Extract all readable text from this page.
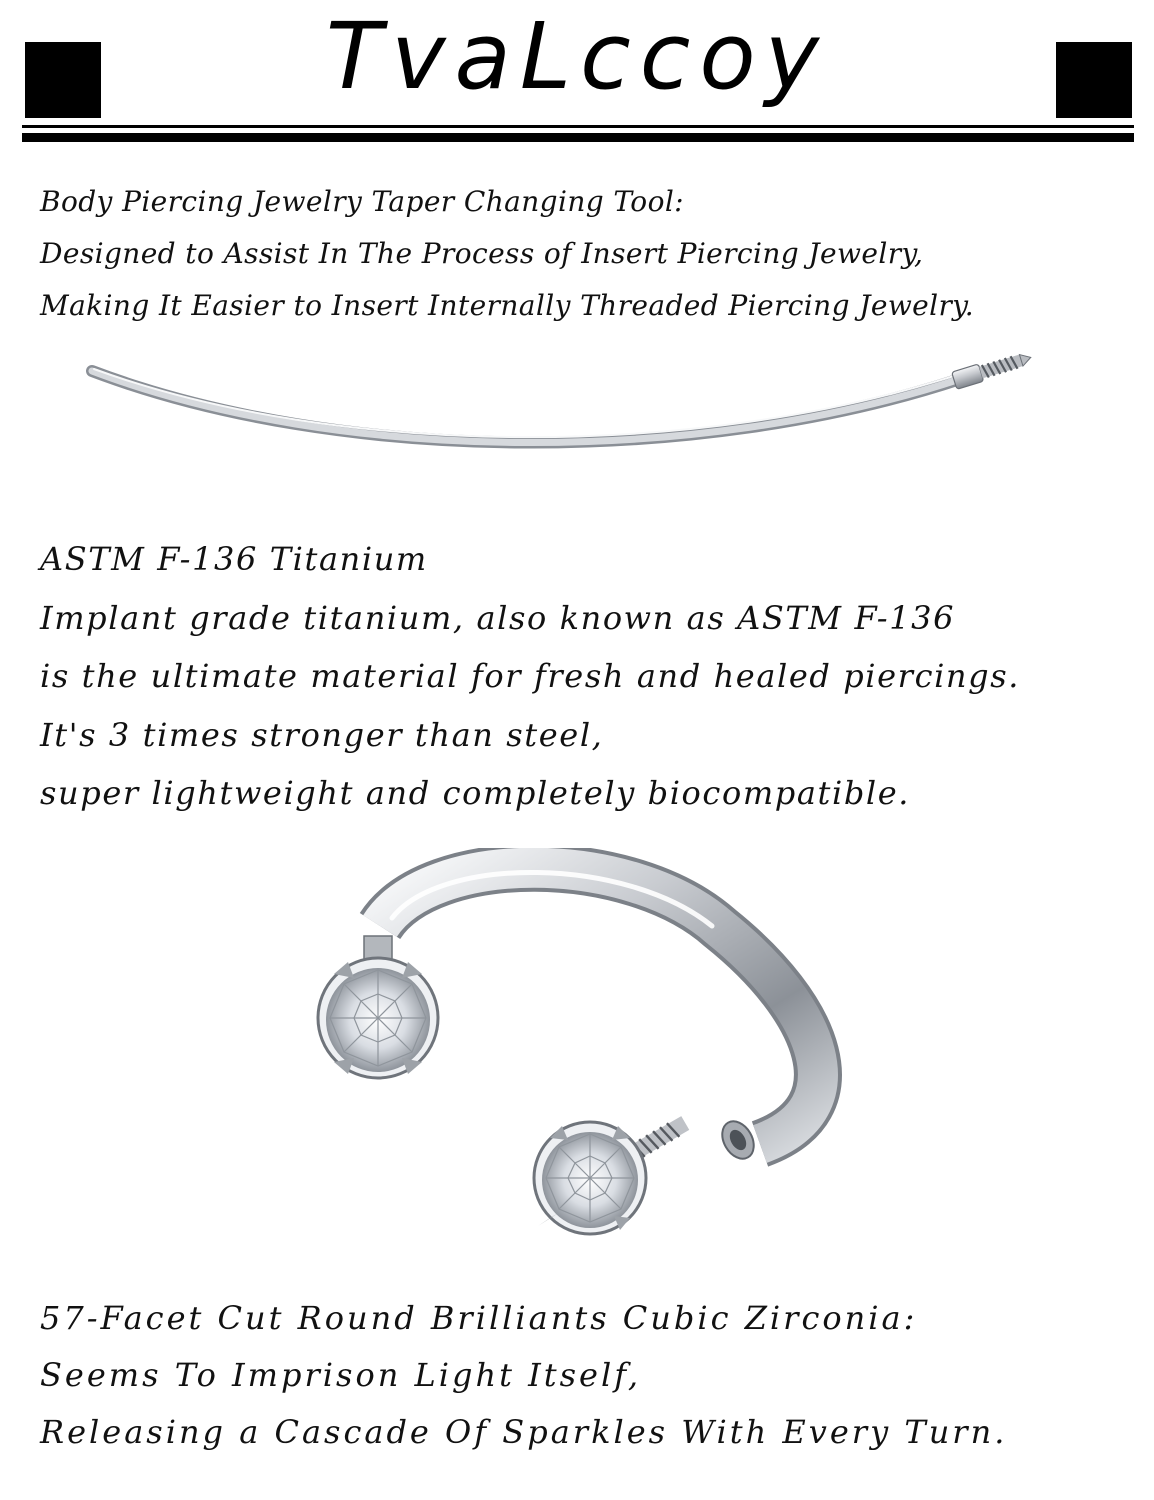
TvaLccoy
Body Piercing Jewelry Taper Changing Tool:
Designed to Assist In The Process of Insert Piercing Jewelry,
Making It Easier to Insert Internally Threaded Piercing Jewelry.
ASTM F-136 Titanium
Implant grade titanium, also known as ASTM F-136
is the ultimate material for fresh and healed piercings.
It's 3 times stronger than steel,
super lightweight and completely biocompatible.
57-Facet Cut Round Brilliants Cubic Zirconia:
Seems To Imprison Light Itself,
Releasing a Cascade Of Sparkles With Every Turn.
